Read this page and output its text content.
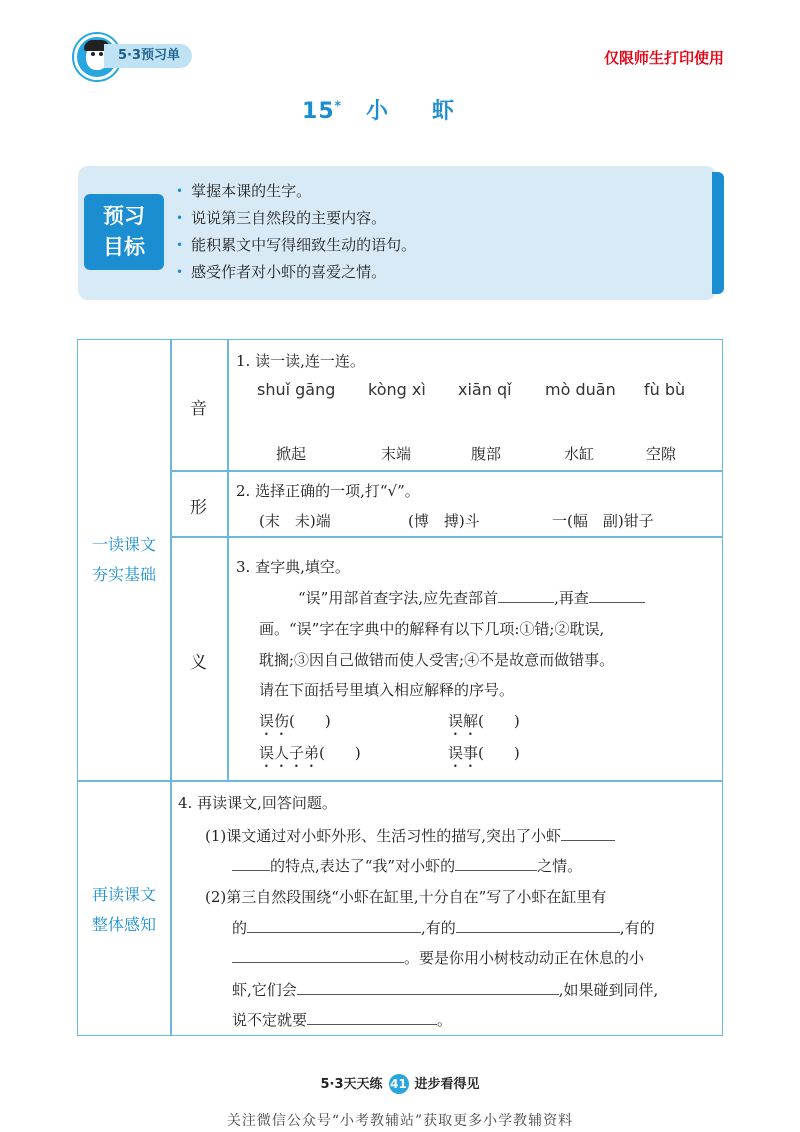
5·3预习单	仅限师生打印使用
15* 小虾
预习
目标
• 掌握本课的生字。
• 说说第三自然段的主要内容。
• 能积累文中写得细致生动的语句。
• 感受作者对小虾的喜爱之情。
一读课文
夯实基础
音
1. 读一读,连一连。
shuǐ gāng kòng xì xiān qǐ mò duān fù bù
掀起	末端	腹部	水缸	空隙
形
2. 选择正确的一项,打“√”。
(末　未)端	(博　搏)斗	一(幅　副)钳子
义
3. 查字典,填空。
“误”用部首查字法,应先查部首	,再查
画。“误”字在字典中的解释有以下几项:①错;②耽误,
耽搁;③因自己做错而使人受害;④不是故意而做错事。
请在下面括号里填入相应解释的序号。
误伤(　　)	误解(　　)
误人子弟(　　)	误事(　　)
再读课文
整体感知
4. 再读课文,回答问题。
(1)课文通过对小虾外形、生活习性的描写,突出了小虾
的特点,表达了“我”对小虾的	之情。
(2)第三自然段围绕“小虾在缸里,十分自在”写了小虾在缸里有
的	,有的	,有的
。要是你用小树枝动动正在休息的小
虾,它们会	,如果碰到同伴,
说不定就要	。
5·3天天练 41 进步看得见
关注微信公众号“小考教辅站”获取更多小学教辅资料
